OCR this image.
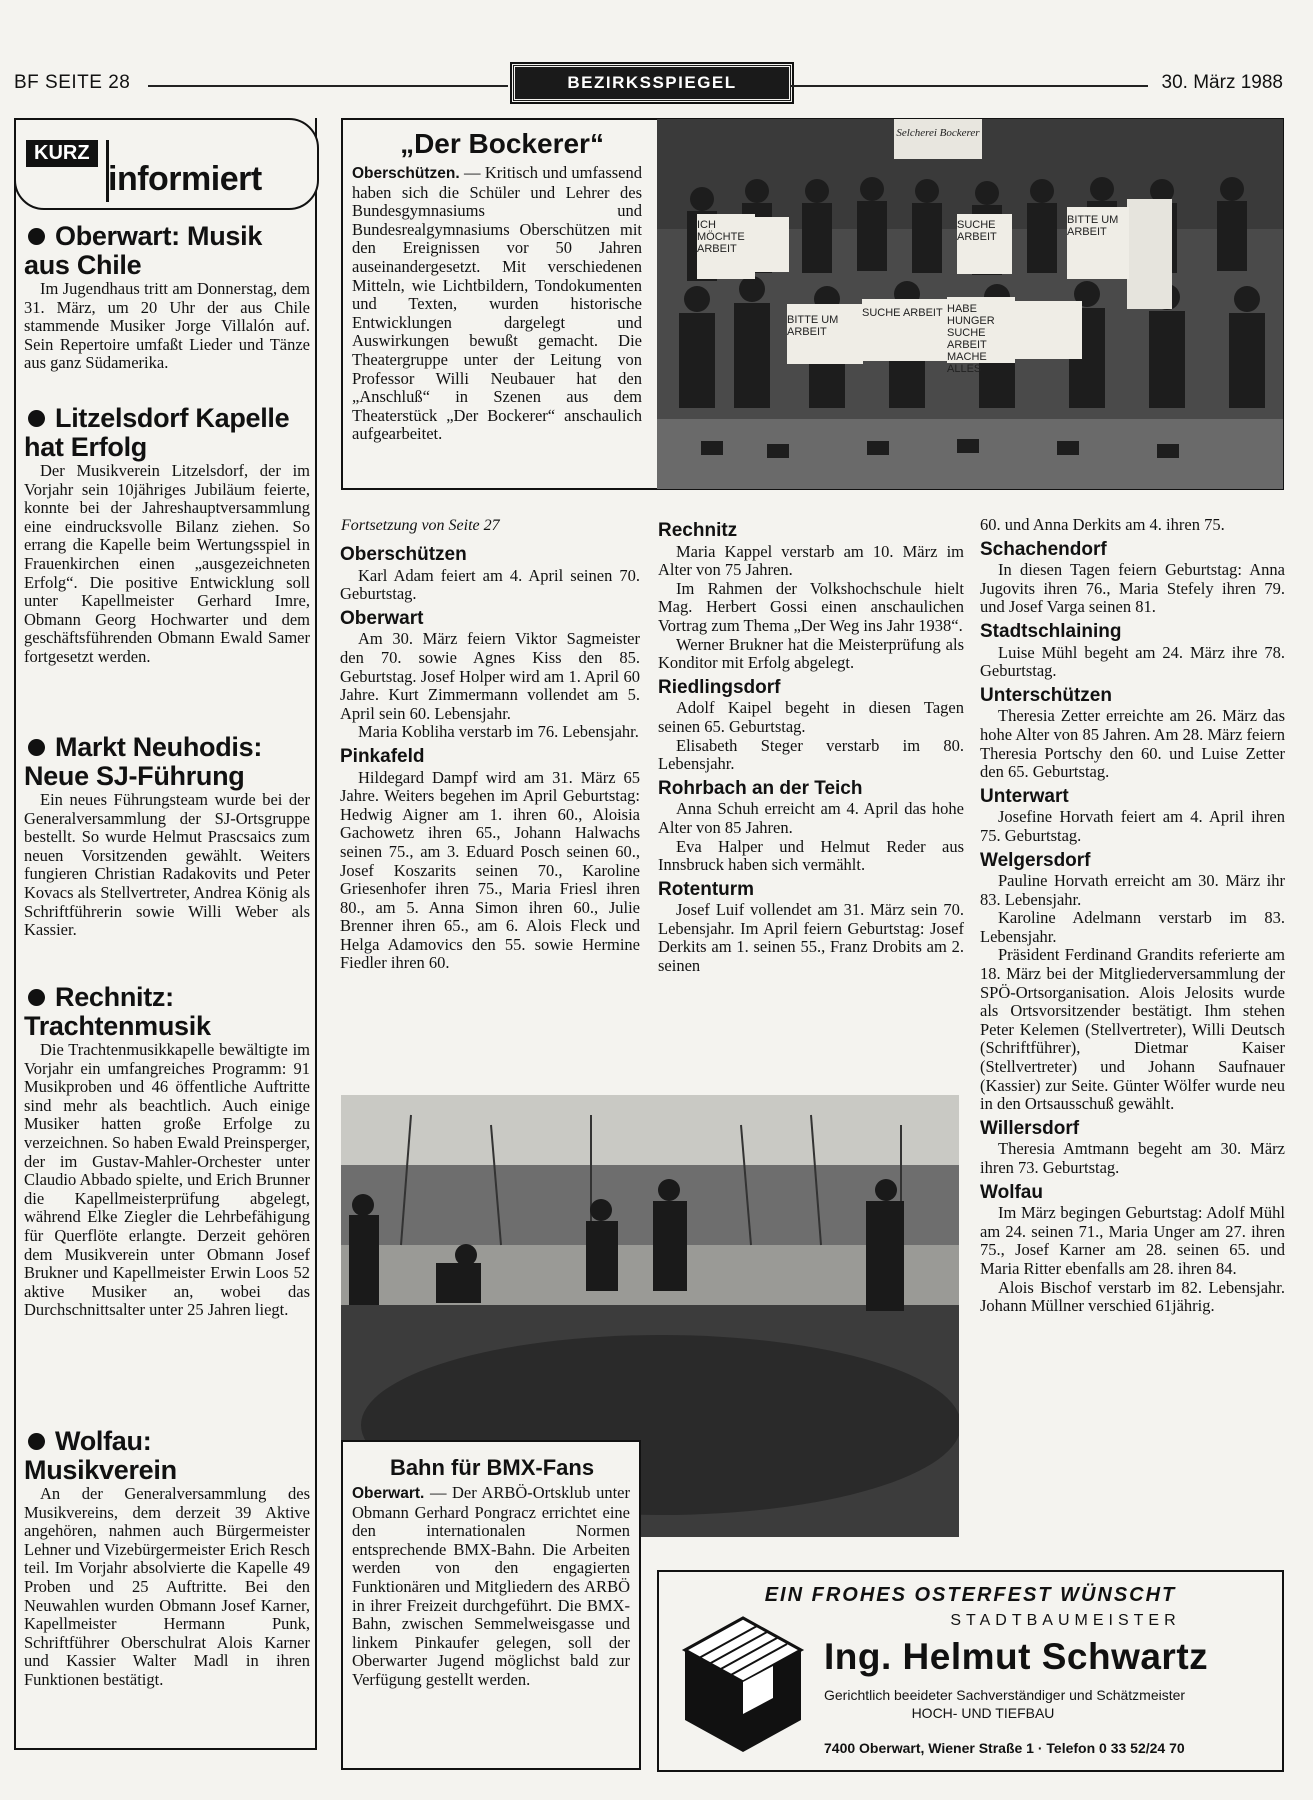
BF SEITE 28	BEZIRKSSPIEGEL	30. März 1988
KURZ
informiert
Oberwart: Musik aus Chile

Im Jugendhaus tritt am Donnerstag, dem 31. März, um 20 Uhr der aus Chile stammende Musiker Jorge Villalón auf. Sein Repertoire umfaßt Lieder und Tänze aus ganz Südamerika.

Litzelsdorf Kapelle hat Erfolg

Der Musikverein Litzelsdorf, der im Vorjahr sein 10jähriges Jubiläum feierte, konnte bei der Jahreshauptversammlung eine eindrucksvolle Bilanz ziehen. So errang die Kapelle beim Wertungsspiel in Frauenkirchen einen „ausgezeichneten Erfolg“. Die positive Entwicklung soll unter Kapellmeister Gerhard Imre, Obmann Georg Hochwarter und dem geschäftsführenden Obmann Ewald Samer fortgesetzt werden.

Markt Neuhodis: Neue SJ-Führung

Ein neues Führungsteam wurde bei der Generalversammlung der SJ-Ortsgruppe bestellt. So wurde Helmut Prascsaics zum neuen Vorsitzenden gewählt. Weiters fungieren Christian Radakovits und Peter Kovacs als Stellvertreter, Andrea König als Schriftführerin sowie Willi Weber als Kassier.

Rechnitz: Trachtenmusik

Die Trachtenmusikkapelle bewältigte im Vorjahr ein umfangreiches Programm: 91 Musikproben und 46 öffentliche Auftritte sind mehr als beachtlich. Auch einige Musiker hatten große Erfolge zu verzeichnen. So haben Ewald Preinsperger, der im Gustav-Mahler-Orchester unter Claudio Abbado spielte, und Erich Brunner die Kapellmeisterprüfung abgelegt, während Elke Ziegler die Lehrbefähigung für Querflöte erlangte. Derzeit gehören dem Musikverein unter Obmann Josef Brukner und Kapellmeister Erwin Loos 52 aktive Musiker an, wobei das Durchschnittsalter unter 25 Jahren liegt.

Wolfau: Musikverein

An der Generalversammlung des Musikvereins, dem derzeit 39 Aktive angehören, nahmen auch Bürgermeister Lehner und Vizebürgermeister Erich Resch teil. Im Vorjahr absolvierte die Kapelle 49 Proben und 25 Auftritte. Bei den Neuwahlen wurden Obmann Josef Karner, Kapellmeister Hermann Punk, Schriftführer Oberschulrat Alois Karner und Kassier Walter Madl in ihren Funktionen bestätigt.

„Der Bockerer“
Oberschützen. — Kritisch und umfassend haben sich die Schüler und Lehrer des Bundesgymnasiums und Bundesrealgymnasiums Oberschützen mit den Ereignissen vor 50 Jahren auseinandergesetzt. Mit verschiedenen Mitteln, wie Lichtbildern, Tondokumenten und Texten, wurden historische Entwicklungen dargelegt und Auswirkungen bewußt gemacht. Die Theatergruppe unter der Leitung von Professor Willi Neubauer hat den „Anschluß“ in Szenen aus dem Theaterstück „Der Bockerer“ anschaulich aufgearbeitet.
Selcherei Bockerer
ICH MÖCHTE ARBEIT
SUCHE ARBEIT
BITTE UM ARBEIT
SUCHE ARBEIT HABE HUNGER SUCHE ARBEIT MACHE ALLES
BITTE UM ARBEIT
Fortsetzung von Seite 27
Oberschützen

Karl Adam feiert am 4. April seinen 70. Geburtstag.

Oberwart

Am 30. März feiern Viktor Sagmeister den 70. sowie Agnes Kiss den 85. Geburtstag. Josef Holper wird am 1. April 60 Jahre. Kurt Zimmermann vollendet am 5. April sein 60. Lebensjahr.

Maria Kobliha verstarb im 76. Lebensjahr.

Pinkafeld

Hildegard Dampf wird am 31. März 65 Jahre. Weiters begehen im April Geburtstag: Hedwig Aigner am 1. ihren 60., Aloisia Gachowetz ihren 65., Johann Halwachs seinen 75., am 3. Eduard Posch seinen 60., Josef Koszarits seinen 70., Karoline Griesenhofer ihren 75., Maria Friesl ihren 80., am 5. Anna Simon ihren 60., Julie Brenner ihren 65., am 6. Alois Fleck und Helga Adamovics den 55. sowie Hermine Fiedler ihren 60.

Rechnitz

Maria Kappel verstarb am 10. März im Alter von 75 Jahren.

Im Rahmen der Volkshochschule hielt Mag. Herbert Gossi einen anschaulichen Vortrag zum Thema „Der Weg ins Jahr 1938“.

Werner Brukner hat die Meisterprüfung als Konditor mit Erfolg abgelegt.

Riedlingsdorf

Adolf Kaipel begeht in diesen Tagen seinen 65. Geburtstag.

Elisabeth Steger verstarb im 80. Lebensjahr.

Rohrbach an der Teich

Anna Schuh erreicht am 4. April das hohe Alter von 85 Jahren.

Eva Halper und Helmut Reder aus Innsbruck haben sich vermählt.

Rotenturm

Josef Luif vollendet am 31. März sein 70. Lebensjahr. Im April feiern Geburtstag: Josef Derkits am 1. seinen 55., Franz Drobits am 2. seinen

60. und Anna Derkits am 4. ihren 75.

Schachendorf

In diesen Tagen feiern Geburtstag: Anna Jugovits ihren 76., Maria Stefely ihren 79. und Josef Varga seinen 81.

Stadtschlaining

Luise Mühl begeht am 24. März ihre 78. Geburtstag.

Unterschützen

Theresia Zetter erreichte am 26. März das hohe Alter von 85 Jahren. Am 28. März feiern Theresia Portschy den 60. und Luise Zetter den 65. Geburtstag.

Unterwart

Josefine Horvath feiert am 4. April ihren 75. Geburtstag.

Welgersdorf

Pauline Horvath erreicht am 30. März ihr 83. Lebensjahr.

Karoline Adelmann verstarb im 83. Lebensjahr.

Präsident Ferdinand Grandits referierte am 18. März bei der Mitgliederversammlung der SPÖ-Ortsorganisation. Alois Jelosits wurde als Ortsvorsitzender bestätigt. Ihm stehen Peter Kelemen (Stellvertreter), Willi Deutsch (Schriftführer), Dietmar Kaiser (Stellvertreter) und Johann Saufnauer (Kassier) zur Seite. Günter Wölfer wurde neu in den Ortsausschuß gewählt.

Willersdorf

Theresia Amtmann begeht am 30. März ihren 73. Geburtstag.

Wolfau

Im März begingen Geburtstag: Adolf Mühl am 24. seinen 71., Maria Unger am 27. ihren 75., Josef Karner am 28. seinen 65. und Maria Ritter ebenfalls am 28. ihren 84.

Alois Bischof verstarb im 82. Lebensjahr. Johann Müllner verschied 61jährig.

Bahn für BMX-Fans
Oberwart. — Der ARBÖ-Ortsklub unter Obmann Gerhard Pongracz errichtet eine den internationalen Normen entsprechende BMX-Bahn. Die Arbeiten werden von den engagierten Funktionären und Mitgliedern des ARBÖ in ihrer Freizeit durchgeführt. Die BMX-Bahn, zwischen Semmelweisgasse und linkem Pinkaufer gelegen, soll der Oberwarter Jugend möglichst bald zur Verfügung gestellt werden.
EIN FROHES OSTERFEST WÜNSCHT
STADTBAUMEISTER
Ing. Helmut Schwartz
Gerichtlich beeideter Sachverständiger und Schätzmeister
HOCH- UND TIEFBAU
7400 Oberwart, Wiener Straße 1 · Telefon 0 33 52/24 70
